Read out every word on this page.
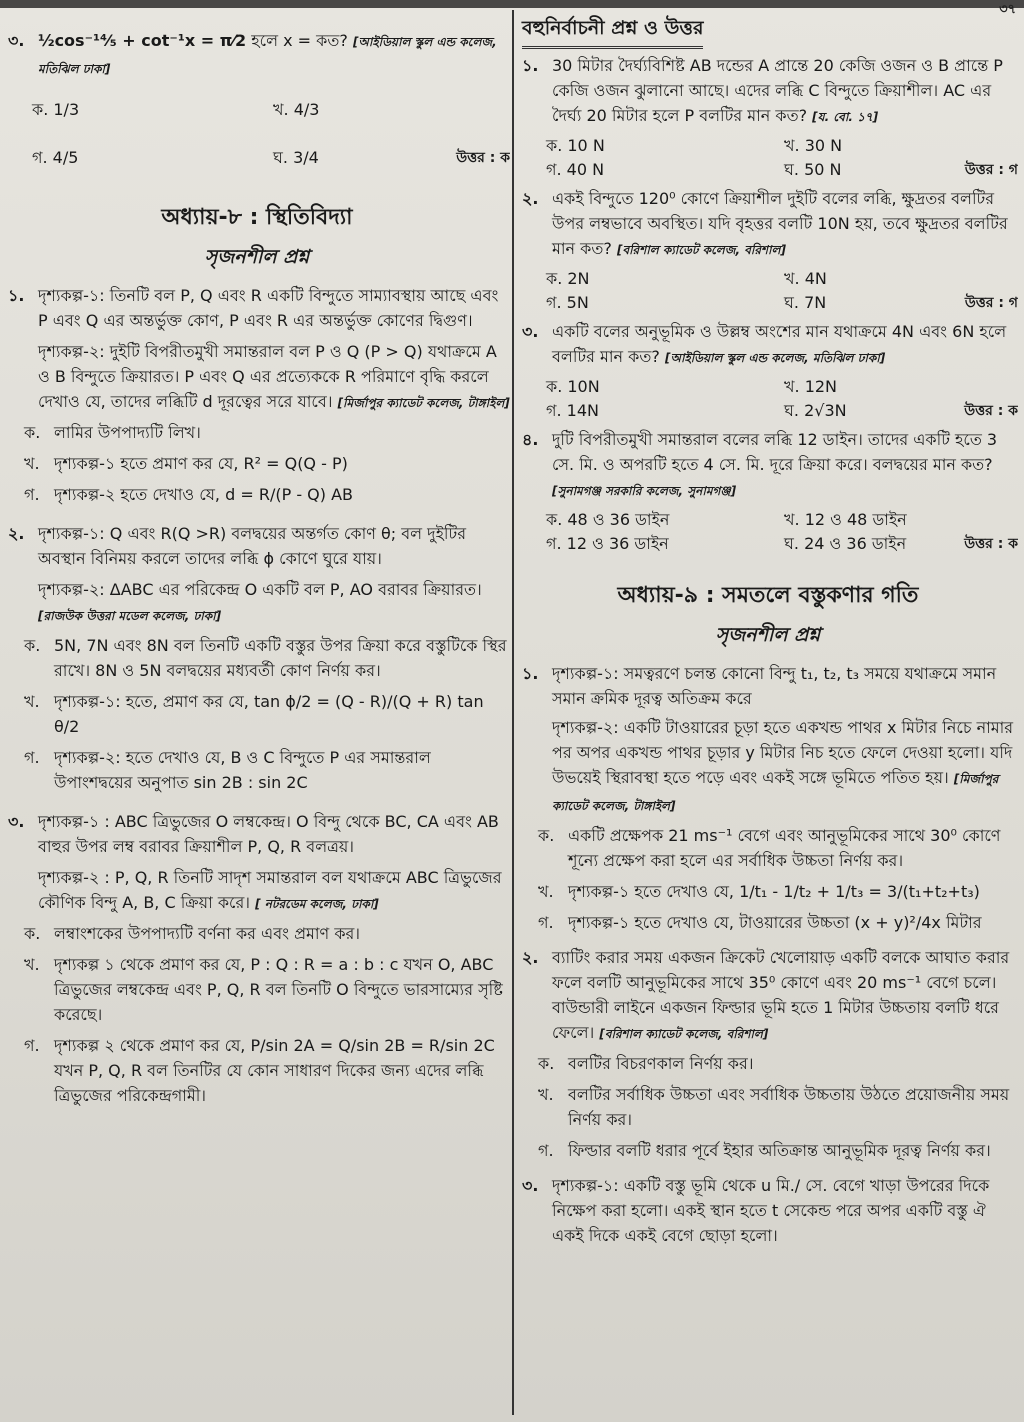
৩৭
৩. ½cos⁻¹⁴⁄₅ + cot⁻¹x = π⁄2 হলে x = কত? [আইডিয়াল স্কুল এন্ড কলেজ, মতিঝিল ঢাকা]
ক. 1/3	খ. 4/3
গ. 4/5	ঘ. 3/4	উত্তর : ক
অধ্যায়-৮ : স্থিতিবিদ্যা
সৃজনশীল প্রশ্ন
১. দৃশ্যকল্প-১: তিনটি বল P, Q এবং R একটি বিন্দুতে সাম্যাবস্থায় আছে এবং P এবং Q এর অন্তর্ভুক্ত কোণ, P এবং R এর অন্তর্ভুক্ত কোণের দ্বিগুণ।
দৃশ্যকল্প-২: দুইটি বিপরীতমুখী সমান্তরাল বল P ও Q (P > Q) যথাক্রমে A ও B বিন্দুতে ক্রিয়ারত। P এবং Q এর প্রত্যেককে R পরিমাণে বৃদ্ধি করলে দেখাও যে, তাদের লব্ধিটি d দূরত্বের সরে যাবে। [মির্জাপুর ক্যাডেট কলেজ, টাঙ্গাইল]
ক. লামির উপপাদ্যটি লিখ।
খ. দৃশ্যকল্প-১ হতে প্রমাণ কর যে, R² = Q(Q - P)
গ. দৃশ্যকল্প-২ হতে দেখাও যে, d = R/(P - Q) AB
২. দৃশ্যকল্প-১: Q এবং R(Q >R) বলদ্বয়ের অন্তর্গত কোণ θ; বল দুইটির অবস্থান বিনিময় করলে তাদের লব্ধি ϕ কোণে ঘুরে যায়।
দৃশ্যকল্প-২: ΔABC এর পরিকেন্দ্র O একটি বল P, AO বরাবর ক্রিয়ারত। [রাজউক উত্তরা মডেল কলেজ, ঢাকা]
ক. 5N, 7N এবং 8N বল তিনটি একটি বস্তুর উপর ক্রিয়া করে বস্তুটিকে স্থির রাখে। 8N ও 5N বলদ্বয়ের মধ্যবর্তী কোণ নির্ণয় কর।
খ. দৃশ্যকল্প-১: হতে, প্রমাণ কর যে, tan ϕ/2 = (Q - R)/(Q + R) tan θ/2
গ. দৃশ্যকল্প-২: হতে দেখাও যে, B ও C বিন্দুতে P এর সমান্তরাল উপাংশদ্বয়ের অনুপাত sin 2B : sin 2C
৩. দৃশ্যকল্প-১ : ABC ত্রিভুজের O লম্বকেন্দ্র। O বিন্দু থেকে BC, CA এবং AB বাহুর উপর লম্ব বরাবর ক্রিয়াশীল P, Q, R বলত্রয়।
দৃশ্যকল্প-২ : P, Q, R তিনটি সাদৃশ সমান্তরাল বল যথাক্রমে ABC ত্রিভুজের কৌণিক বিন্দু A, B, C ক্রিয়া করে। [ নটরডেম কলেজ, ঢাকা]
ক. লম্বাংশকের উপপাদ্যটি বর্ণনা কর এবং প্রমাণ কর।
খ. দৃশ্যকল্প ১ থেকে প্রমাণ কর যে, P : Q : R = a : b : c যখন O, ABC ত্রিভুজের লম্বকেন্দ্র এবং P, Q, R বল তিনটি O বিন্দুতে ভারসাম্যের সৃষ্টি করেছে।
গ. দৃশ্যকল্প ২ থেকে প্রমাণ কর যে, P/sin 2A = Q/sin 2B = R/sin 2C যখন P, Q, R বল তিনটির যে কোন সাধারণ দিকের জন্য এদের লব্ধি ত্রিভুজের পরিকেন্দ্রগামী।
বহুনির্বাচনী প্রশ্ন ও উত্তর
১. 30 মিটার দৈর্ঘ্যবিশিষ্ট AB দন্ডের A প্রান্তে 20 কেজি ওজন ও B প্রান্তে P কেজি ওজন ঝুলানো আছে। এদের লব্ধি C বিন্দুতে ক্রিয়াশীল। AC এর দৈর্ঘ্য 20 মিটার হলে P বলটির মান কত? [য. বো. ১৭]
ক. 10 N	খ. 30 N
গ. 40 N	ঘ. 50 N	উত্তর : গ
২. একই বিন্দুতে 120⁰ কোণে ক্রিয়াশীল দুইটি বলের লব্ধি, ক্ষুদ্রতর বলটির উপর লম্বভাবে অবস্থিত। যদি বৃহত্তর বলটি 10N হয়, তবে ক্ষুদ্রতর বলটির মান কত? [বরিশাল ক্যাডেট কলেজ, বরিশাল]
ক. 2N	খ. 4N
গ. 5N	ঘ. 7N	উত্তর : গ
৩. একটি বলের অনুভূমিক ও উল্লম্ব অংশের মান যথাক্রমে 4N এবং 6N হলে বলটির মান কত? [আইডিয়াল স্কুল এন্ড কলেজ, মতিঝিল ঢাকা]
ক. 10N	খ. 12N
গ. 14N	ঘ. 2√3N	উত্তর : ক
৪. দুটি বিপরীতমুখী সমান্তরাল বলের লব্ধি 12 ডাইন। তাদের একটি হতে 3 সে. মি. ও অপরটি হতে 4 সে. মি. দূরে ক্রিয়া করে। বলদ্বয়ের মান কত? [সুনামগঞ্জ সরকারি কলেজ, সুনামগঞ্জ]
ক. 48 ও 36 ডাইন	খ. 12 ও 48 ডাইন
গ. 12 ও 36 ডাইন	ঘ. 24 ও 36 ডাইন	উত্তর : ক
অধ্যায়-৯ : সমতলে বস্তুকণার গতি
সৃজনশীল প্রশ্ন
১. দৃশ্যকল্প-১: সমত্বরণে চলন্ত কোনো বিন্দু t₁, t₂, t₃ সময়ে যথাক্রমে সমান সমান ক্রমিক দূরত্ব অতিক্রম করে
দৃশ্যকল্প-২: একটি টাওয়ারের চূড়া হতে একখন্ড পাথর x মিটার নিচে নামার পর অপর একখন্ড পাথর চূড়ার y মিটার নিচ হতে ফেলে দেওয়া হলো। যদি উভয়েই স্থিরাবস্থা হতে পড়ে এবং একই সঙ্গে ভূমিতে পতিত হয়। [মির্জাপুর ক্যাডেট কলেজ, টাঙ্গাইল]
ক. একটি প্রক্ষেপক 21 ms⁻¹ বেগে এবং আনুভূমিকের সাথে 30⁰ কোণে শূন্যে প্রক্ষেপ করা হলে এর সর্বাধিক উচ্চতা নির্ণয় কর।
খ. দৃশ্যকল্প-১ হতে দেখাও যে, 1/t₁ - 1/t₂ + 1/t₃ = 3/(t₁+t₂+t₃)
গ. দৃশ্যকল্প-১ হতে দেখাও যে, টাওয়ারের উচ্চতা (x + y)²/4x মিটার
২. ব্যাটিং করার সময় একজন ক্রিকেট খেলোয়াড় একটি বলকে আঘাত করার ফলে বলটি আনুভূমিকের সাথে 35⁰ কোণে এবং 20 ms⁻¹ বেগে চলে। বাউন্ডারী লাইনে একজন ফিল্ডার ভূমি হতে 1 মিটার উচ্চতায় বলটি ধরে ফেলে। [বরিশাল ক্যাডেট কলেজ, বরিশাল]
ক. বলটির বিচরণকাল নির্ণয় কর।
খ. বলটির সর্বাধিক উচ্চতা এবং সর্বাধিক উচ্চতায় উঠতে প্রয়োজনীয় সময় নির্ণয় কর।
গ. ফিল্ডার বলটি ধরার পূর্বে ইহার অতিক্রান্ত আনুভূমিক দূরত্ব নির্ণয় কর।
৩. দৃশ্যকল্প-১: একটি বস্তু ভূমি থেকে u মি./ সে. বেগে খাড়া উপরের দিকে নিক্ষেপ করা হলো। একই স্থান হতে t সেকেন্ড পরে অপর একটি বস্তু ঐ একই দিকে একই বেগে ছোড়া হলো।
